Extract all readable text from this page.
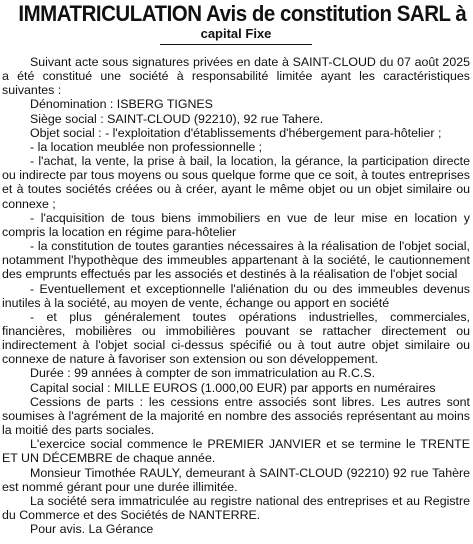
IMMATRICULATION Avis de constitution SARL à
capital Fixe

Suivant acte sous signatures privées en date à SAINT-CLOUD du 07 août 2025 a été constitué une société à responsabilité limitée ayant les caractéristiques suivantes :

Dénomination : ISBERG TIGNES

Siège social : SAINT-CLOUD (92210), 92 rue Tahere.

Objet social : - l'exploitation d'établissements d'hébergement para-hôtelier ;

- la location meublée non professionnelle ;

- l'achat, la vente, la prise à bail, la location, la gérance, la participation directe ou indirecte par tous moyens ou sous quelque forme que ce soit, à toutes entreprises et à toutes sociétés créées ou à créer, ayant le même objet ou un objet similaire ou connexe ;

- l'acquisition de tous biens immobiliers en vue de leur mise en location y compris la location en régime para-hôtelier

- la constitution de toutes garanties nécessaires à la réalisation de l'objet social, notamment l'hypothèque des immeubles appartenant à la société, le cautionnement des emprunts effectués par les associés et destinés à la réalisation de l'objet social

- Eventuellement et exceptionnelle l'aliénation du ou des immeubles devenus inutiles à la société, au moyen de vente, échange ou apport en société

- et plus généralement toutes opérations industrielles, commerciales, financières, mobilières ou immobilières pouvant se rattacher directement ou indirectement à l'objet social ci-dessus spécifié ou à tout autre objet similaire ou connexe de nature à favoriser son extension ou son développement.

Durée : 99 années à compter de son immatriculation au R.C.S.

Capital social : MILLE EUROS (1.000,00 EUR) par apports en numéraires

Cessions de parts : les cessions entre associés sont libres. Les autres sont soumises à l'agrément de la majorité en nombre des associés représentant au moins la moitié des parts sociales.

L'exercice social commence le PREMIER JANVIER et se termine le TRENTE ET UN DÉCEMBRE de chaque année.

Monsieur Timothée RAULY, demeurant à SAINT-CLOUD (92210) 92 rue Tahère est nommé gérant pour une durée illimitée.

La société sera immatriculée au registre national des entreprises et au Registre du Commerce et des Sociétés de NANTERRE.

Pour avis. La Gérance
